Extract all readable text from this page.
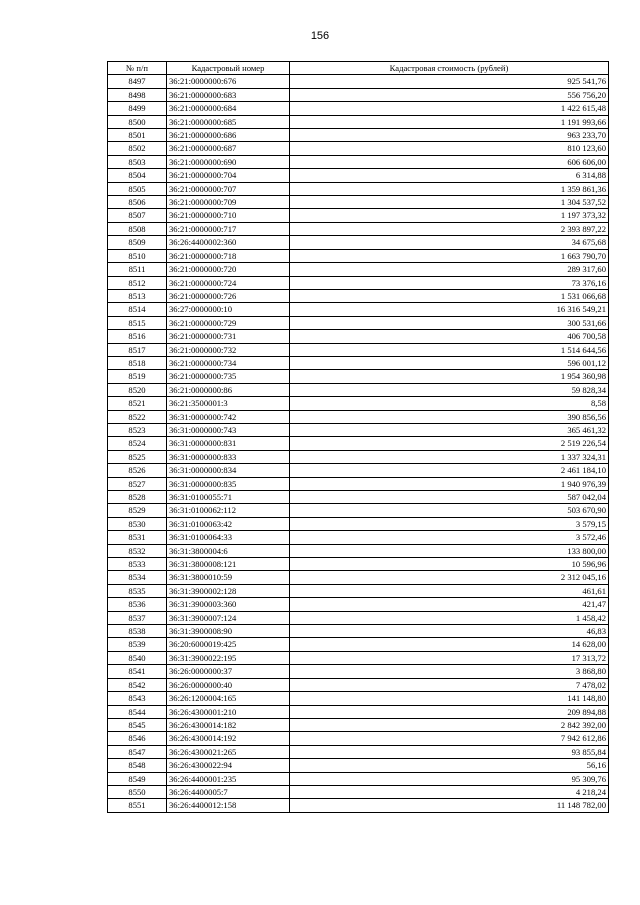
156
№ п/п	Кадастровый номер	Кадастровая стоимость (рублей)
8497	36:21:0000000:676	925 541,76
8498	36:21:0000000:683	556 756,20
8499	36:21:0000000:684	1 422 615,48
8500	36:21:0000000:685	1 191 993,66
8501	36:21:0000000:686	963 233,70
8502	36:21:0000000:687	810 123,60
8503	36:21:0000000:690	606 606,00
8504	36:21:0000000:704	6 314,88
8505	36:21:0000000:707	1 359 861,36
8506	36:21:0000000:709	1 304 537,52
8507	36:21:0000000:710	1 197 373,32
8508	36:21:0000000:717	2 393 897,22
8509	36:26:4400002:360	34 675,68
8510	36:21:0000000:718	1 663 790,70
8511	36:21:0000000:720	289 317,60
8512	36:21:0000000:724	73 376,16
8513	36:21:0000000:726	1 531 066,68
8514	36:27:0000000:10	16 316 549,21
8515	36:21:0000000:729	300 531,66
8516	36:21:0000000:731	406 700,58
8517	36:21:0000000:732	1 514 644,56
8518	36:21:0000000:734	596 001,12
8519	36:21:0000000:735	1 954 360,98
8520	36:21:0000000:86	59 828,34
8521	36:21:3500001:3	8,58
8522	36:31:0000000:742	390 856,56
8523	36:31:0000000:743	365 461,32
8524	36:31:0000000:831	2 519 226,54
8525	36:31:0000000:833	1 337 324,31
8526	36:31:0000000:834	2 461 184,10
8527	36:31:0000000:835	1 940 976,39
8528	36:31:0100055:71	587 042,04
8529	36:31:0100062:112	503 670,90
8530	36:31:0100063:42	3 579,15
8531	36:31:0100064:33	3 572,46
8532	36:31:3800004:6	133 800,00
8533	36:31:3800008:121	10 596,96
8534	36:31:3800010:59	2 312 045,16
8535	36:31:3900002:128	461,61
8536	36:31:3900003:360	421,47
8537	36:31:3900007:124	1 458,42
8538	36:31:3900008:90	46,83
8539	36:20:6000019:425	14 628,00
8540	36:31:3900022:195	17 313,72
8541	36:26:0000000:37	3 868,80
8542	36:26:0000000:40	7 478,02
8543	36:26:1200004:165	141 148,80
8544	36:26:4300001:210	209 894,88
8545	36:26:4300014:182	2 842 392,00
8546	36:26:4300014:192	7 942 612,86
8547	36:26:4300021:265	93 855,84
8548	36:26:4300022:94	56,16
8549	36:26:4400001:235	95 309,76
8550	36:26:4400005:7	4 218,24
8551	36:26:4400012:158	11 148 782,00
